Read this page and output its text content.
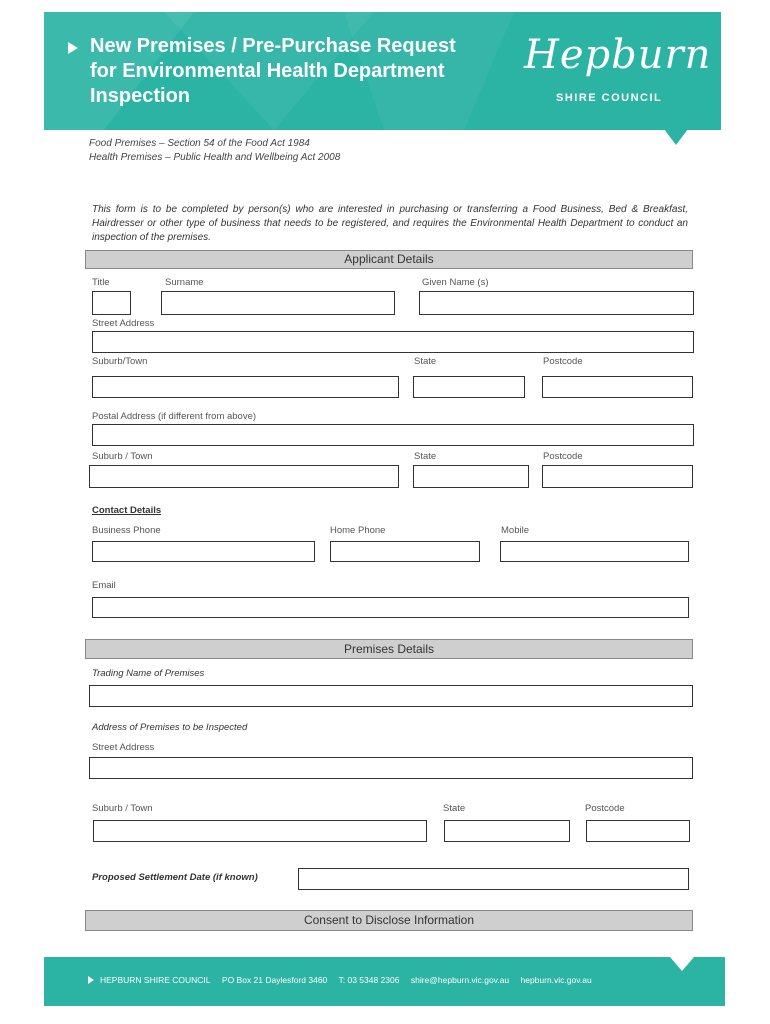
New Premises / Pre-Purchase Request
for Environmental Health Department
Inspection
Hepburn
SHIRE COUNCIL
Food Premises – Section 54 of the Food Act 1984
Health Premises – Public Health and Wellbeing Act 2008
This form is to be completed by person(s) who are interested in purchasing or transferring a Food Business, Bed & Breakfast, Hairdresser or other type of business that needs to be registered, and requires the Environmental Health Department to conduct an inspection of the premises.
Applicant Details
Title	Surname	Given Name (s)
Street Address
Suburb/Town	State	Postcode
Postal Address (if different from above)
Suburb / Town	State	Postcode
Contact Details
Business Phone	Home Phone	Mobile
Email
Premises Details
Trading Name of Premises
Address of Premises to be Inspected
Street Address
Suburb / Town	State	Postcode
Proposed Settlement Date (if known)
Consent to Disclose Information
HEPBURN SHIRE COUNCIL PO Box 21 Daylesford 3460 T: 03 5348 2306 shire@hepburn.vic.gov.au hepburn.vic.gov.au
